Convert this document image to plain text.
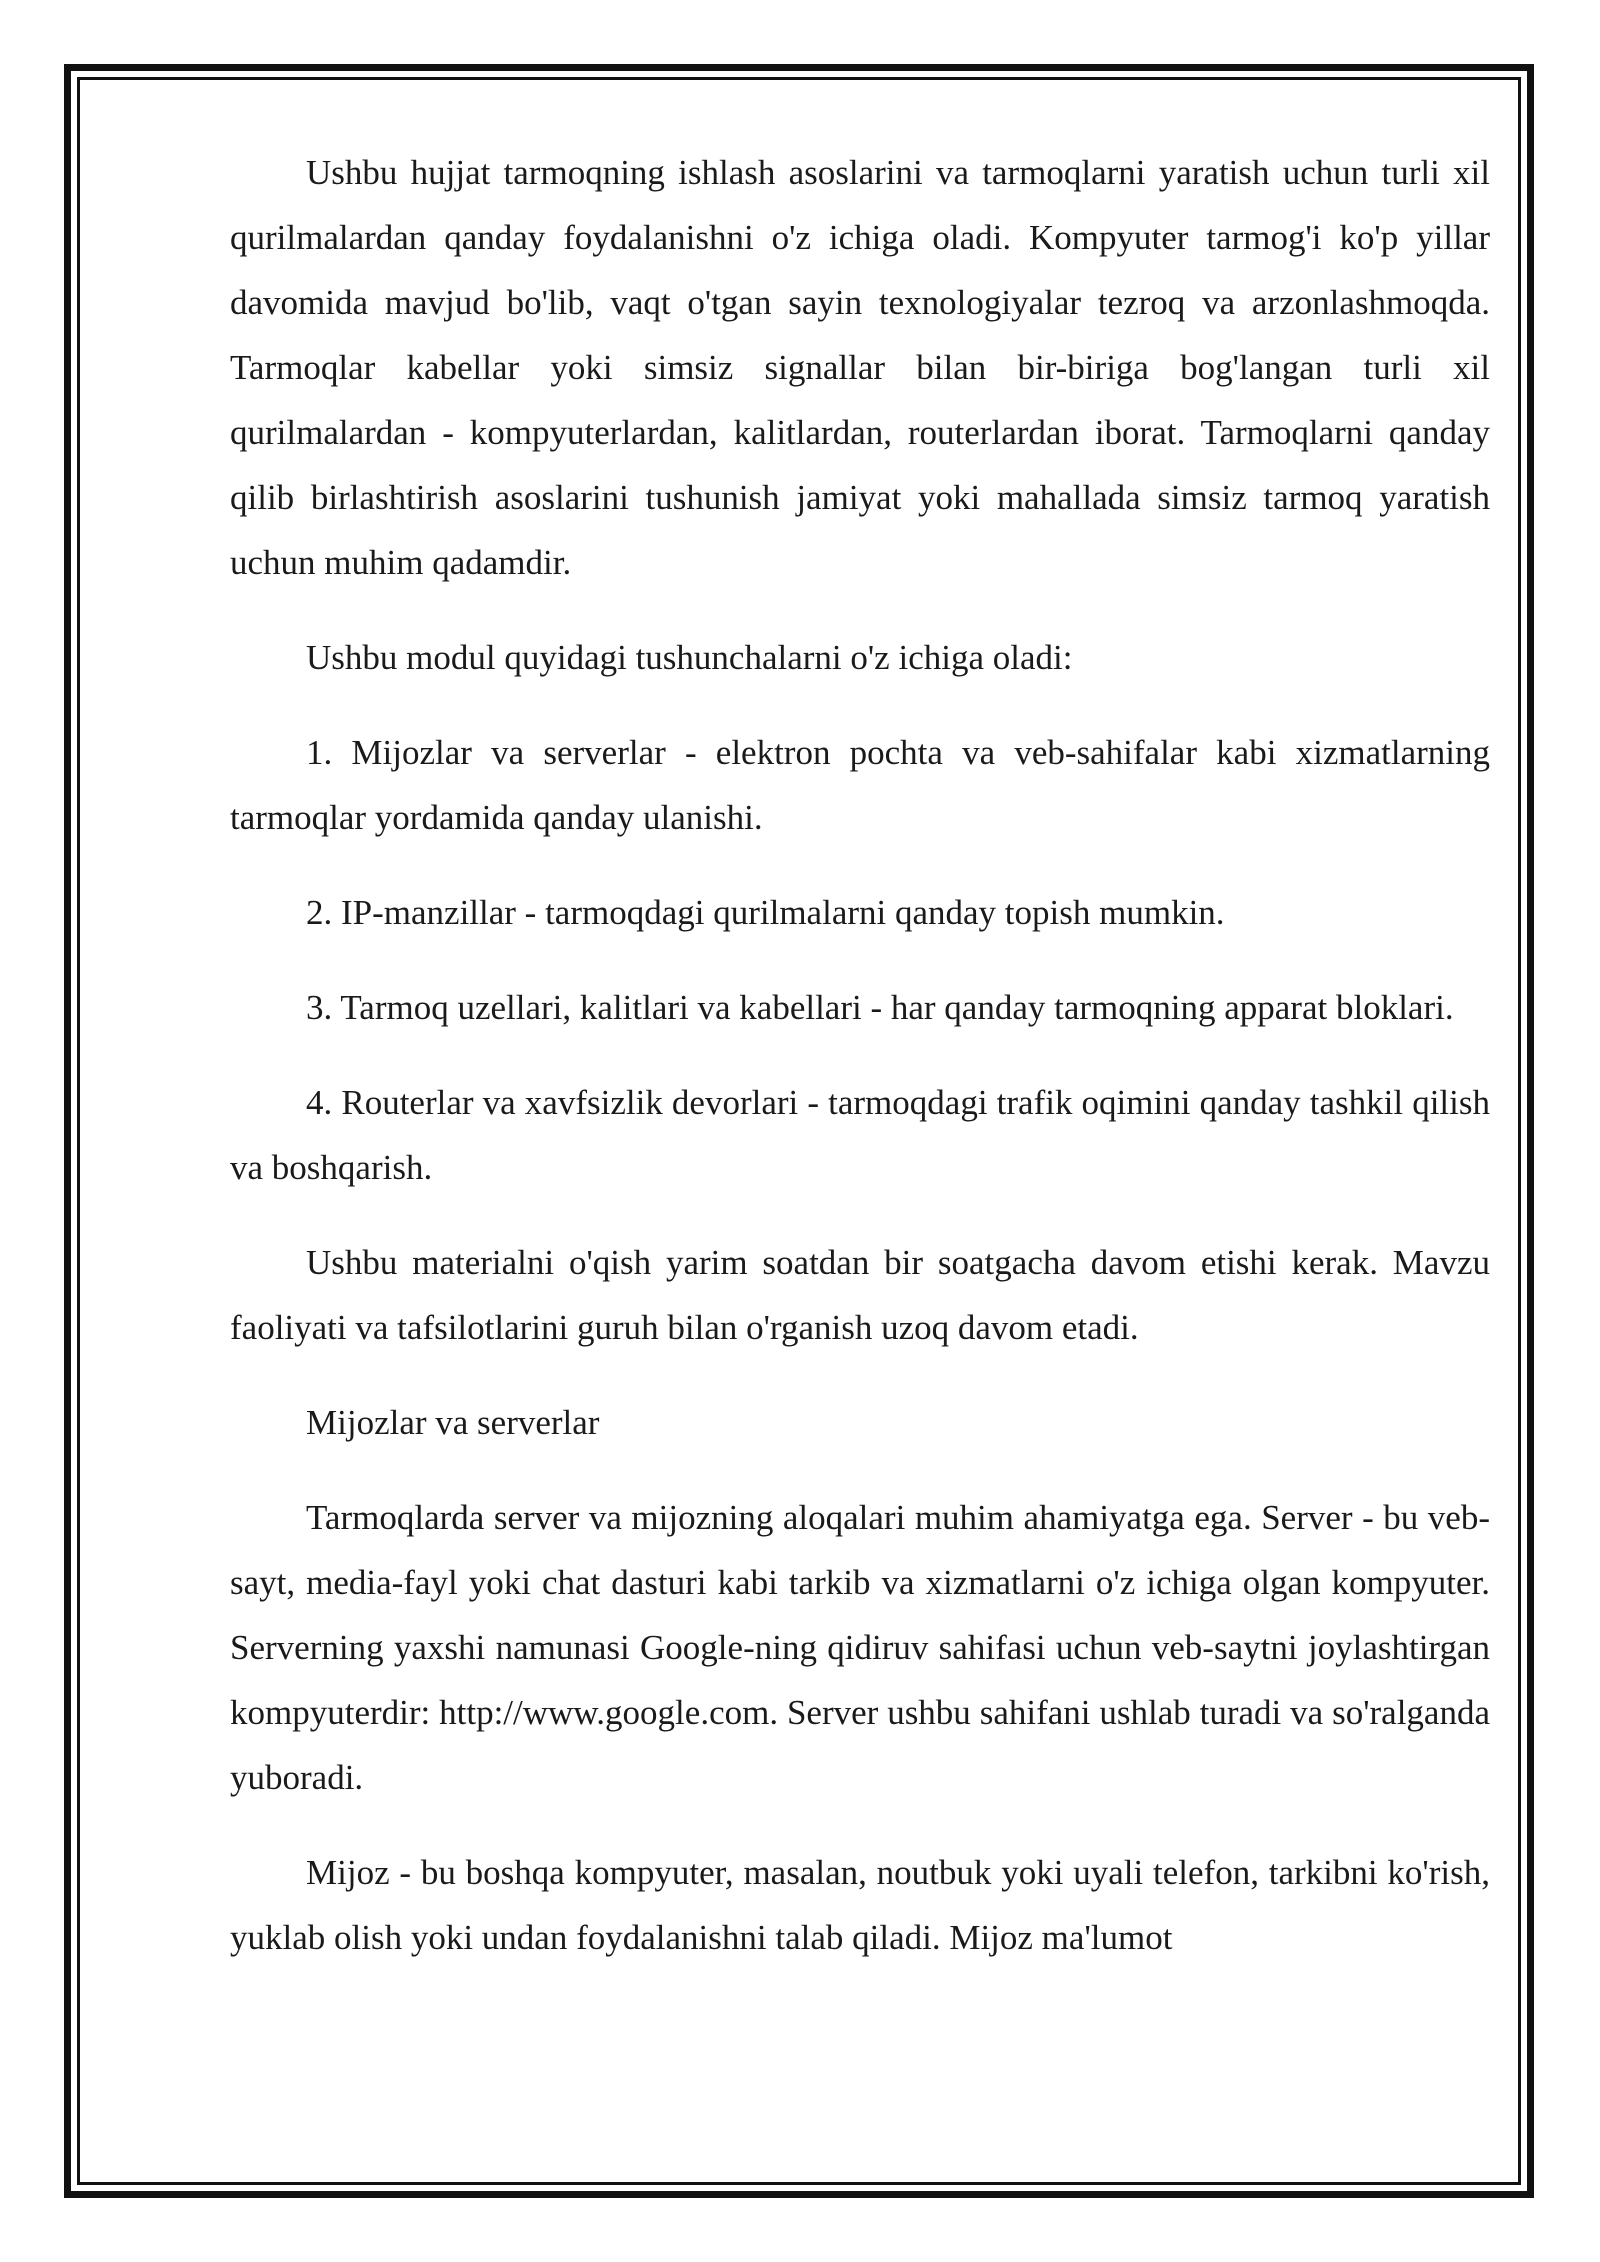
Ushbu hujjat tarmoqning ishlash asoslarini va tarmoqlarni yaratish uchun turli xil qurilmalardan qanday foydalanishni o'z ichiga oladi. Kompyuter tarmog'i ko'p yillar davomida mavjud bo'lib, vaqt o'tgan sayin texnologiyalar tezroq va arzonlashmoqda. Tarmoqlar kabellar yoki simsiz signallar bilan bir-biriga bog'langan turli xil qurilmalardan - kompyuterlardan, kalitlardan, routerlardan iborat. Tarmoqlarni qanday qilib birlashtirish asoslarini tushunish jamiyat yoki mahallada simsiz tarmoq yaratish uchun muhim qadamdir.

Ushbu modul quyidagi tushunchalarni o'z ichiga oladi:

1. Mijozlar va serverlar - elektron pochta va veb-sahifalar kabi xizmatlarning tarmoqlar yordamida qanday ulanishi.

2. IP-manzillar - tarmoqdagi qurilmalarni qanday topish mumkin.

3. Tarmoq uzellari, kalitlari va kabellari - har qanday tarmoqning apparat bloklari.

4. Routerlar va xavfsizlik devorlari - tarmoqdagi trafik oqimini qanday tashkil qilish va boshqarish.

Ushbu materialni o'qish yarim soatdan bir soatgacha davom etishi kerak. Mavzu faoliyati va tafsilotlarini guruh bilan o'rganish uzoq davom etadi.

Mijozlar va serverlar

Tarmoqlarda server va mijozning aloqalari muhim ahamiyatga ega. Server - bu veb-sayt, media-fayl yoki chat dasturi kabi tarkib va xizmatlarni o'z ichiga olgan kompyuter. Serverning yaxshi namunasi Google-ning qidiruv sahifasi uchun veb-saytni joylashtirgan kompyuterdir: http://www.google.com. Server ushbu sahifani ushlab turadi va so'ralganda yuboradi.

Mijoz - bu boshqa kompyuter, masalan, noutbuk yoki uyali telefon, tarkibni ko'rish, yuklab olish yoki undan foydalanishni talab qiladi. Mijoz ma'lumot
